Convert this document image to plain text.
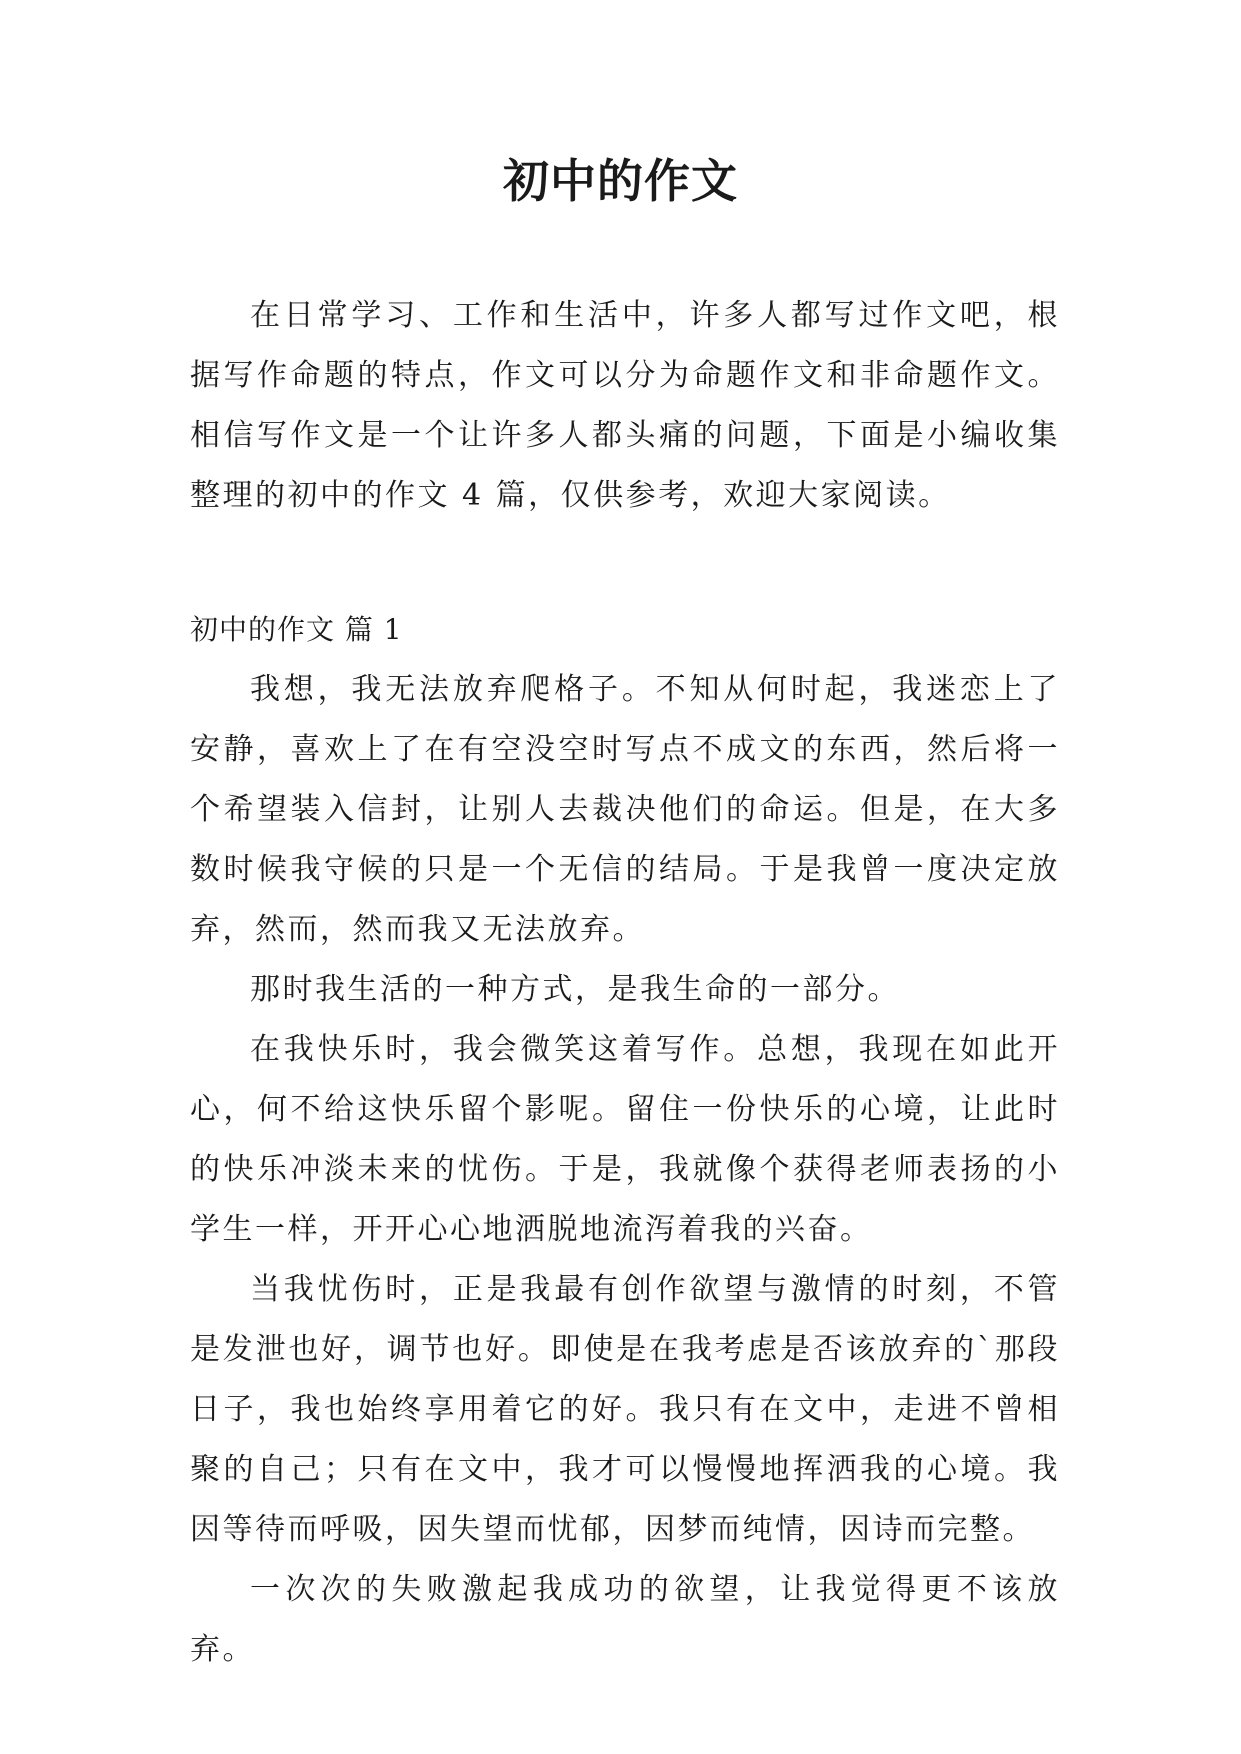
初中的作文

在日常学习、工作和生活中，许多人都写过作文吧，根据写作命题的特点，作文可以分为命题作文和非命题作文。相信写作文是一个让许多人都头痛的问题，下面是小编收集整理的初中的作文 4 篇，仅供参考，欢迎大家阅读。

初中的作文 篇 1

我想，我无法放弃爬格子。不知从何时起，我迷恋上了安静，喜欢上了在有空没空时写点不成文的东西，然后将一个希望装入信封，让别人去裁决他们的命运。但是，在大多数时候我守候的只是一个无信的结局。于是我曾一度决定放弃，然而，然而我又无法放弃。

那时我生活的一种方式，是我生命的一部分。

在我快乐时，我会微笑这着写作。总想，我现在如此开心，何不给这快乐留个影呢。留住一份快乐的心境，让此时的快乐冲淡未来的忧伤。于是，我就像个获得老师表扬的小学生一样，开开心心地洒脱地流泻着我的兴奋。

当我忧伤时，正是我最有创作欲望与激情的时刻，不管是发泄也好，调节也好。即使是在我考虑是否该放弃的`那段日子，我也始终享用着它的好。我只有在文中，走进不曾相聚的自己；只有在文中，我才可以慢慢地挥洒我的心境。我因等待而呼吸，因失望而忧郁，因梦而纯情，因诗而完整。

一次次的失败激起我成功的欲望，让我觉得更不该放弃。
